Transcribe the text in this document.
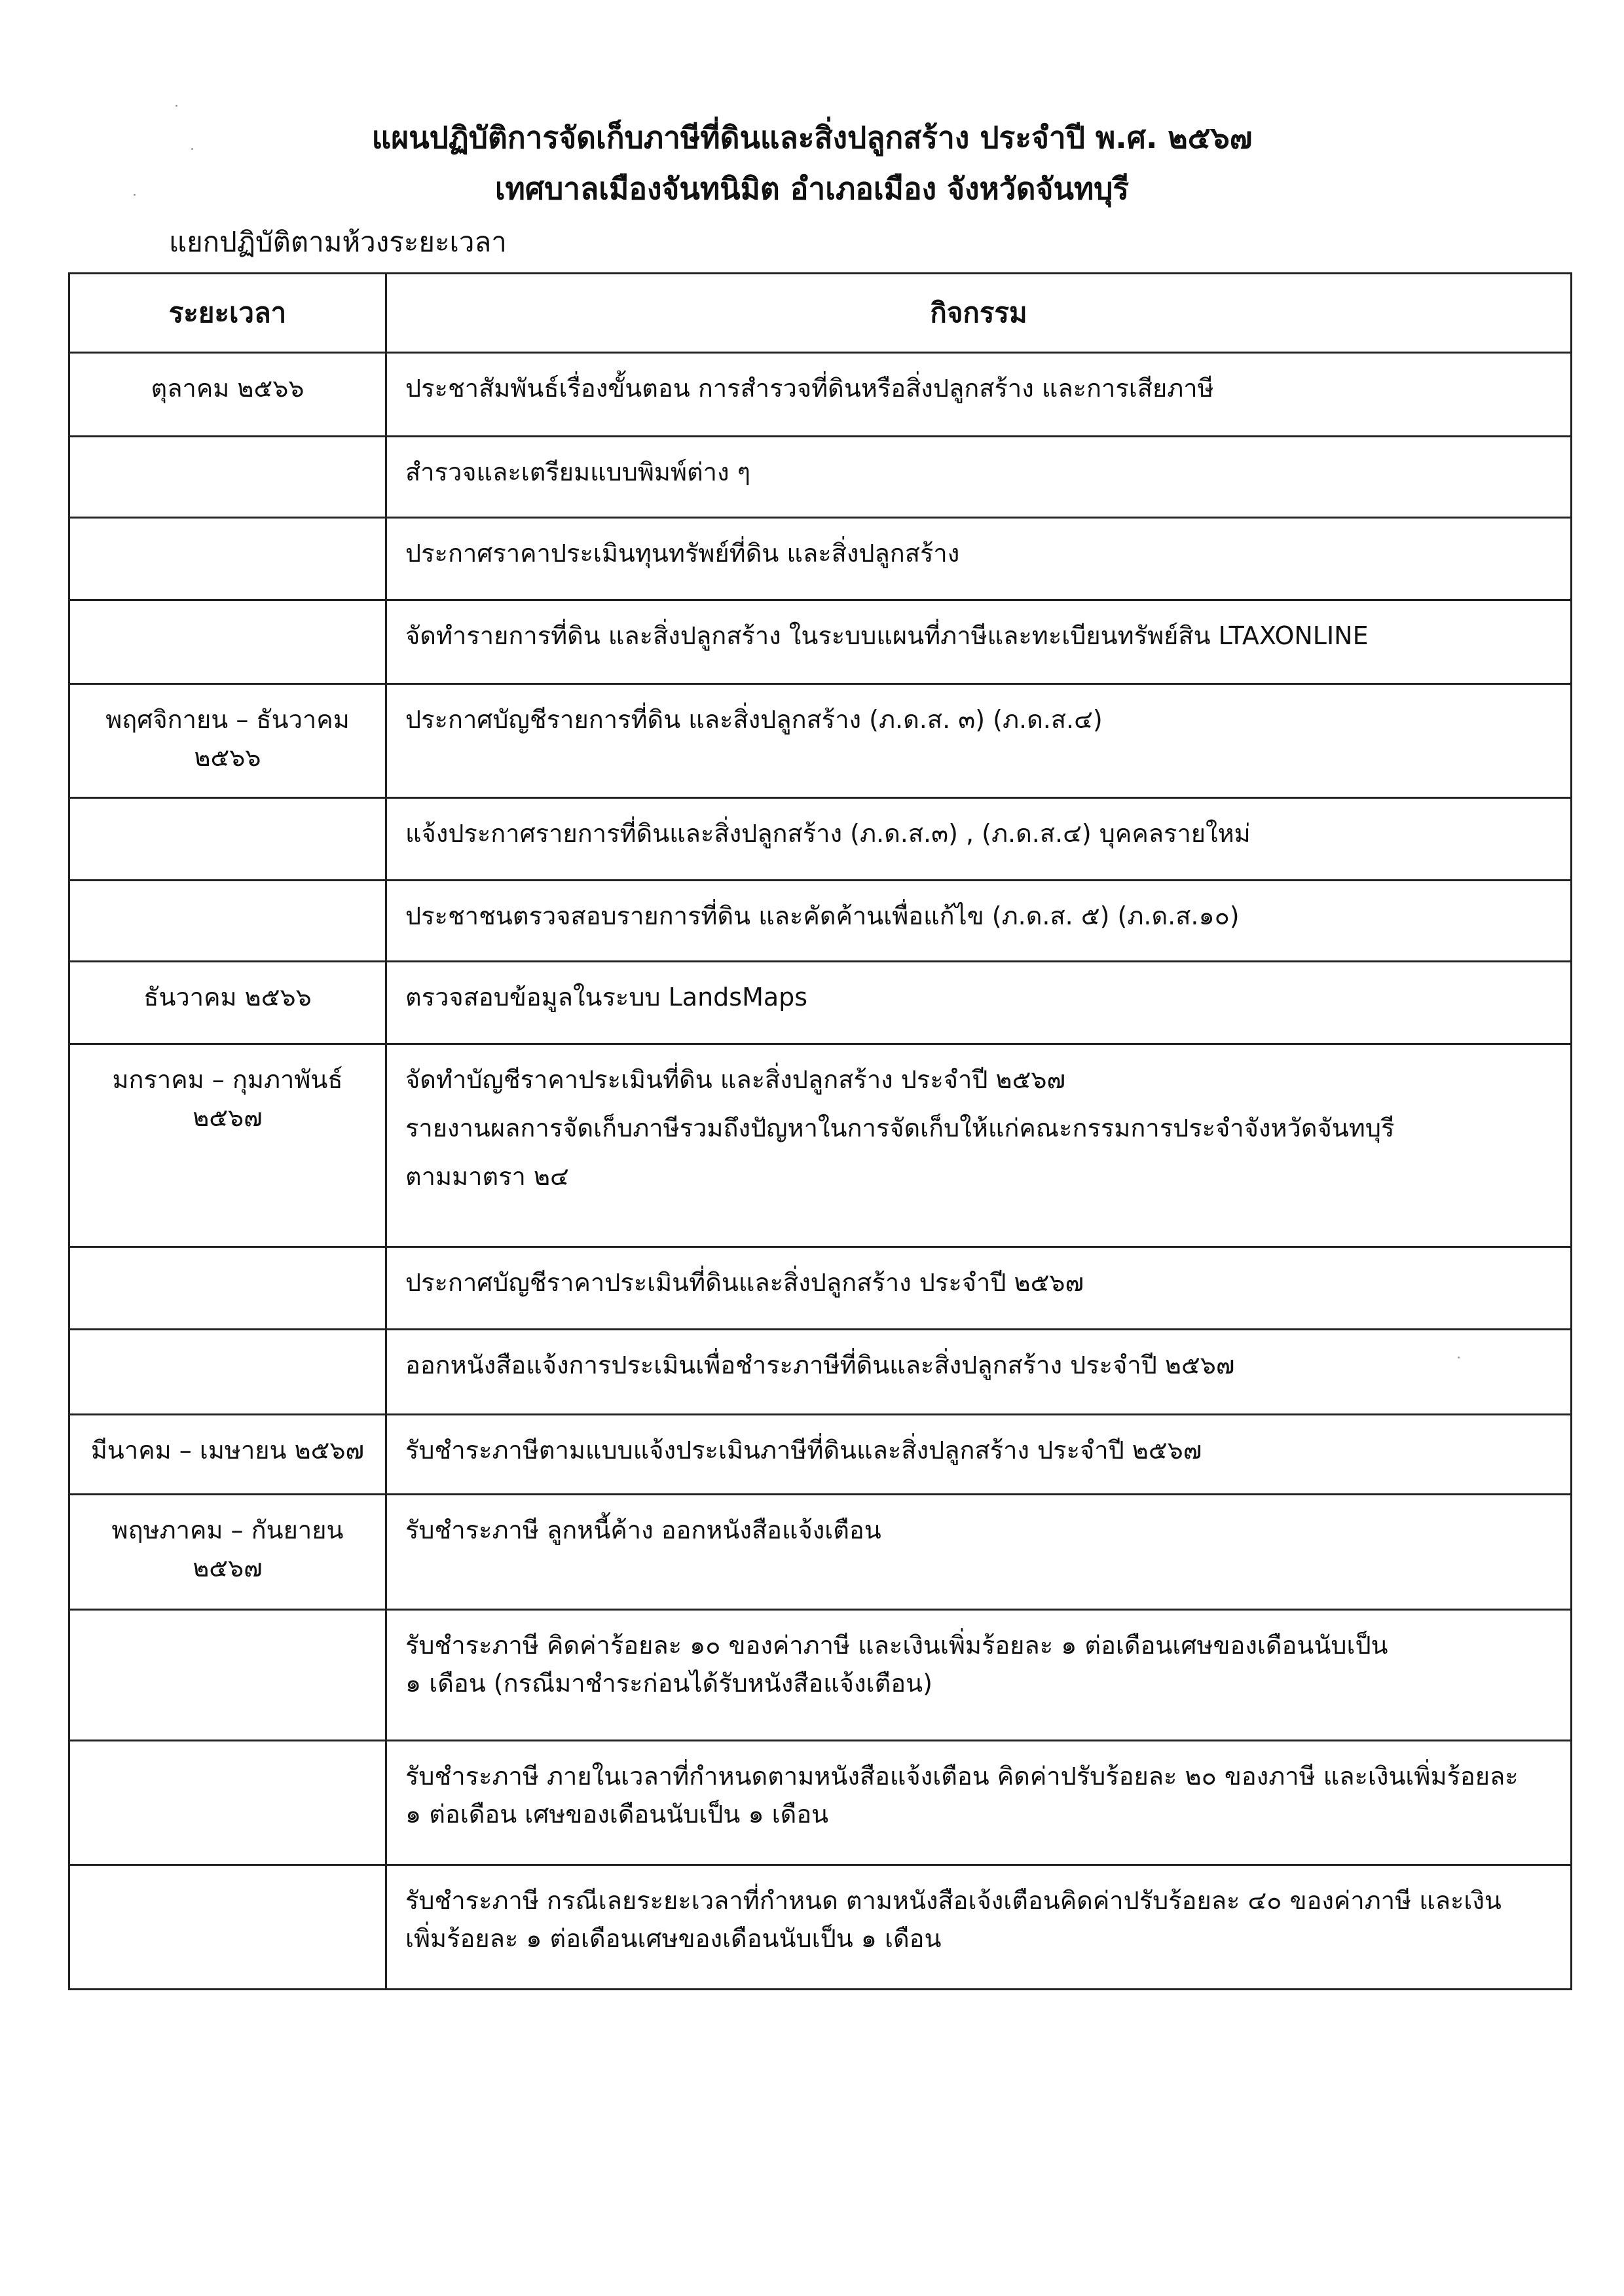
แผนปฏิบัติการจัดเก็บภาษีที่ดินและสิ่งปลูกสร้าง ประจำปี พ.ศ. ๒๕๖๗
เทศบาลเมืองจันทนิมิต อำเภอเมือง จังหวัดจันทบุรี
แยกปฏิบัติตามห้วงระยะเวลา
ระยะเวลา	กิจกรรม
ตุลาคม ๒๕๖๖	ประชาสัมพันธ์เรื่องขั้นตอน การสำรวจที่ดินหรือสิ่งปลูกสร้าง และการเสียภาษี

	สำรวจและเตรียมแบบพิมพ์ต่าง ๆ

	ประกาศราคาประเมินทุนทรัพย์ที่ดิน และสิ่งปลูกสร้าง

	จัดทำรายการที่ดิน และสิ่งปลูกสร้าง ในระบบแผนที่ภาษีและทะเบียนทรัพย์สิน LTAXONLINE

พฤศจิกายน – ธันวาคม ๒๕๖๖	ประกาศบัญชีรายการที่ดิน และสิ่งปลูกสร้าง (ภ.ด.ส. ๓) (ภ.ด.ส.๔)

	แจ้งประกาศรายการที่ดินและสิ่งปลูกสร้าง (ภ.ด.ส.๓) , (ภ.ด.ส.๔) บุคคลรายใหม่

	ประชาชนตรวจสอบรายการที่ดิน และคัดค้านเพื่อแก้ไข (ภ.ด.ส. ๕) (ภ.ด.ส.๑๐)

ธันวาคม ๒๕๖๖	ตรวจสอบข้อมูลในระบบ LandsMaps

มกราคม – กุมภาพันธ์ ๒๕๖๗	จัดทำบัญชีราคาประเมินที่ดิน และสิ่งปลูกสร้าง ประจำปี ๒๕๖๗
รายงานผลการจัดเก็บภาษีรวมถึงปัญหาในการจัดเก็บให้แก่คณะกรรมการประจำจังหวัดจันทบุรี
ตามมาตรา ๒๔

	ประกาศบัญชีราคาประเมินที่ดินและสิ่งปลูกสร้าง ประจำปี ๒๕๖๗

	ออกหนังสือแจ้งการประเมินเพื่อชำระภาษีที่ดินและสิ่งปลูกสร้าง ประจำปี ๒๕๖๗

มีนาคม – เมษายน ๒๕๖๗	รับชำระภาษีตามแบบแจ้งประเมินภาษีที่ดินและสิ่งปลูกสร้าง ประจำปี ๒๕๖๗

พฤษภาคม – กันยายน ๒๕๖๗	รับชำระภาษี ลูกหนี้ค้าง ออกหนังสือแจ้งเตือน

	รับชำระภาษี คิดค่าร้อยละ ๑๐ ของค่าภาษี และเงินเพิ่มร้อยละ ๑ ต่อเดือนเศษของเดือนนับเป็น
๑ เดือน (กรณีมาชำระก่อนได้รับหนังสือแจ้งเตือน)

	รับชำระภาษี ภายในเวลาที่กำหนดตามหนังสือแจ้งเตือน คิดค่าปรับร้อยละ ๒๐ ของภาษี และเงินเพิ่มร้อยละ
๑ ต่อเดือน เศษของเดือนนับเป็น ๑ เดือน

	รับชำระภาษี กรณีเลยระยะเวลาที่กำหนด ตามหนังสือเจ้งเตือนคิดค่าปรับร้อยละ ๔๐ ของค่าภาษี และเงิน
เพิ่มร้อยละ ๑ ต่อเดือนเศษของเดือนนับเป็น ๑ เดือน
